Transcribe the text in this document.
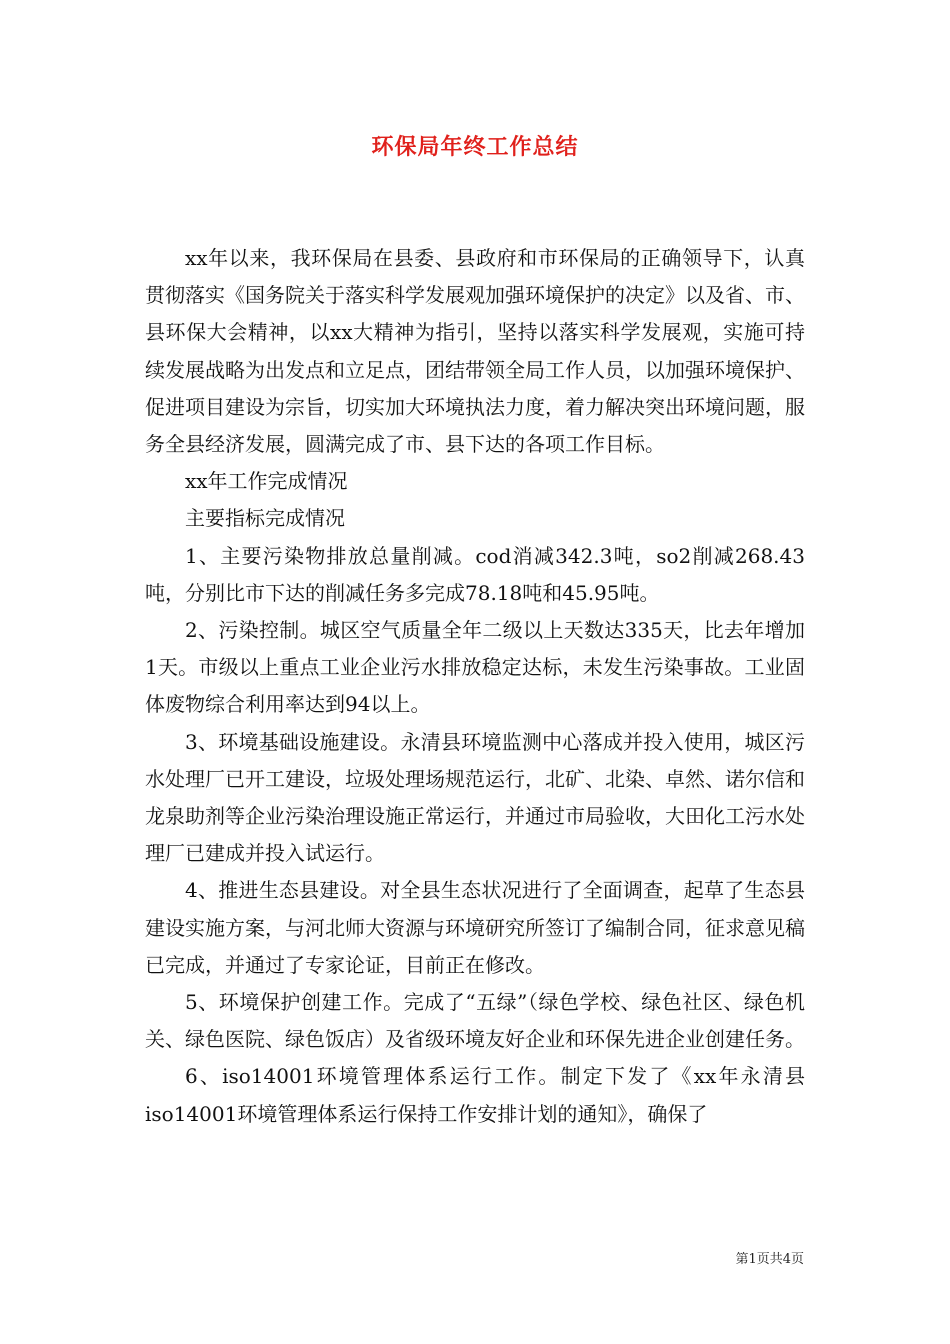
环保局年终工作总结

xx年以来，我环保局在县委、县政府和市环保局的正确领导下，认真贯彻落实《国务院关于落实科学发展观加强环境保护的决定》以及省、市、县环保大会精神，以xx大精神为指引，坚持以落实科学发展观，实施可持续发展战略为出发点和立足点，团结带领全局工作人员，以加强环境保护、促进项目建设为宗旨，切实加大环境执法力度，着力解决突出环境问题，服务全县经济发展，圆满完成了市、县下达的各项工作目标。

xx年工作完成情况

主要指标完成情况

1、主要污染物排放总量削减。cod消减342.3吨，so2削减268.43吨，分别比市下达的削减任务多完成78.18吨和45.95吨。

2、污染控制。城区空气质量全年二级以上天数达335天，比去年增加1天。市级以上重点工业企业污水排放稳定达标，未发生污染事故。工业固体废物综合利用率达到94以上。

3、环境基础设施建设。永清县环境监测中心落成并投入使用，城区污水处理厂已开工建设，垃圾处理场规范运行，北矿、北染、卓然、诺尔信和龙泉助剂等企业污染治理设施正常运行，并通过市局验收，大田化工污水处理厂已建成并投入试运行。

4、推进生态县建设。对全县生态状况进行了全面调查，起草了生态县建设实施方案，与河北师大资源与环境研究所签订了编制合同，征求意见稿已完成，并通过了专家论证，目前正在修改。

5、环境保护创建工作。完成了“五绿”（绿色学校、绿色社区、绿色机关、绿色医院、绿色饭店）及省级环境友好企业和环保先进企业创建任务。

6、iso14001环境管理体系运行工作。制定下发了《xx年永清县iso14001环境管理体系运行保持工作安排计划的通知》，确保了

第1页共4页
